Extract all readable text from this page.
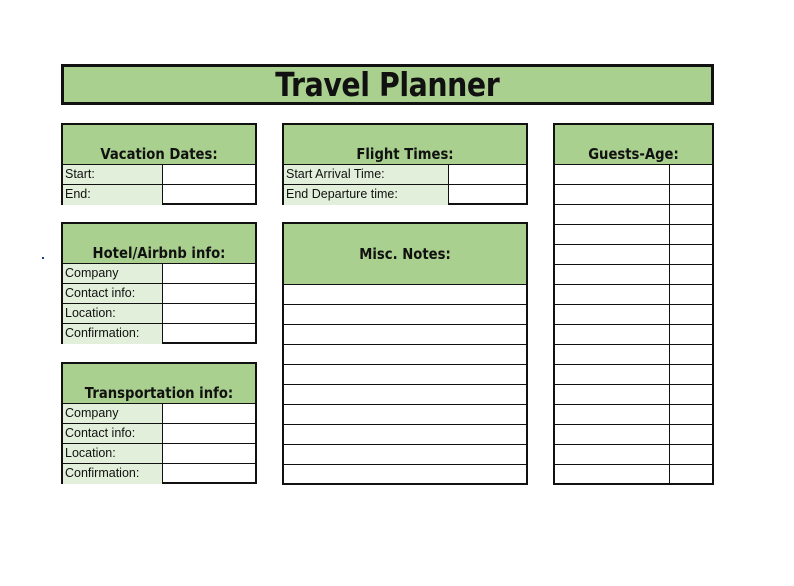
Travel Planner
Vacation Dates:
Start:
End:
Flight Times:
Start Arrival Time:
End Departure time:
Guests-Age:
Hotel/Airbnb info:
Company
Contact info:
Location:
Confirmation:
Misc. Notes:
Transportation info:
Company
Contact info:
Location:
Confirmation:
